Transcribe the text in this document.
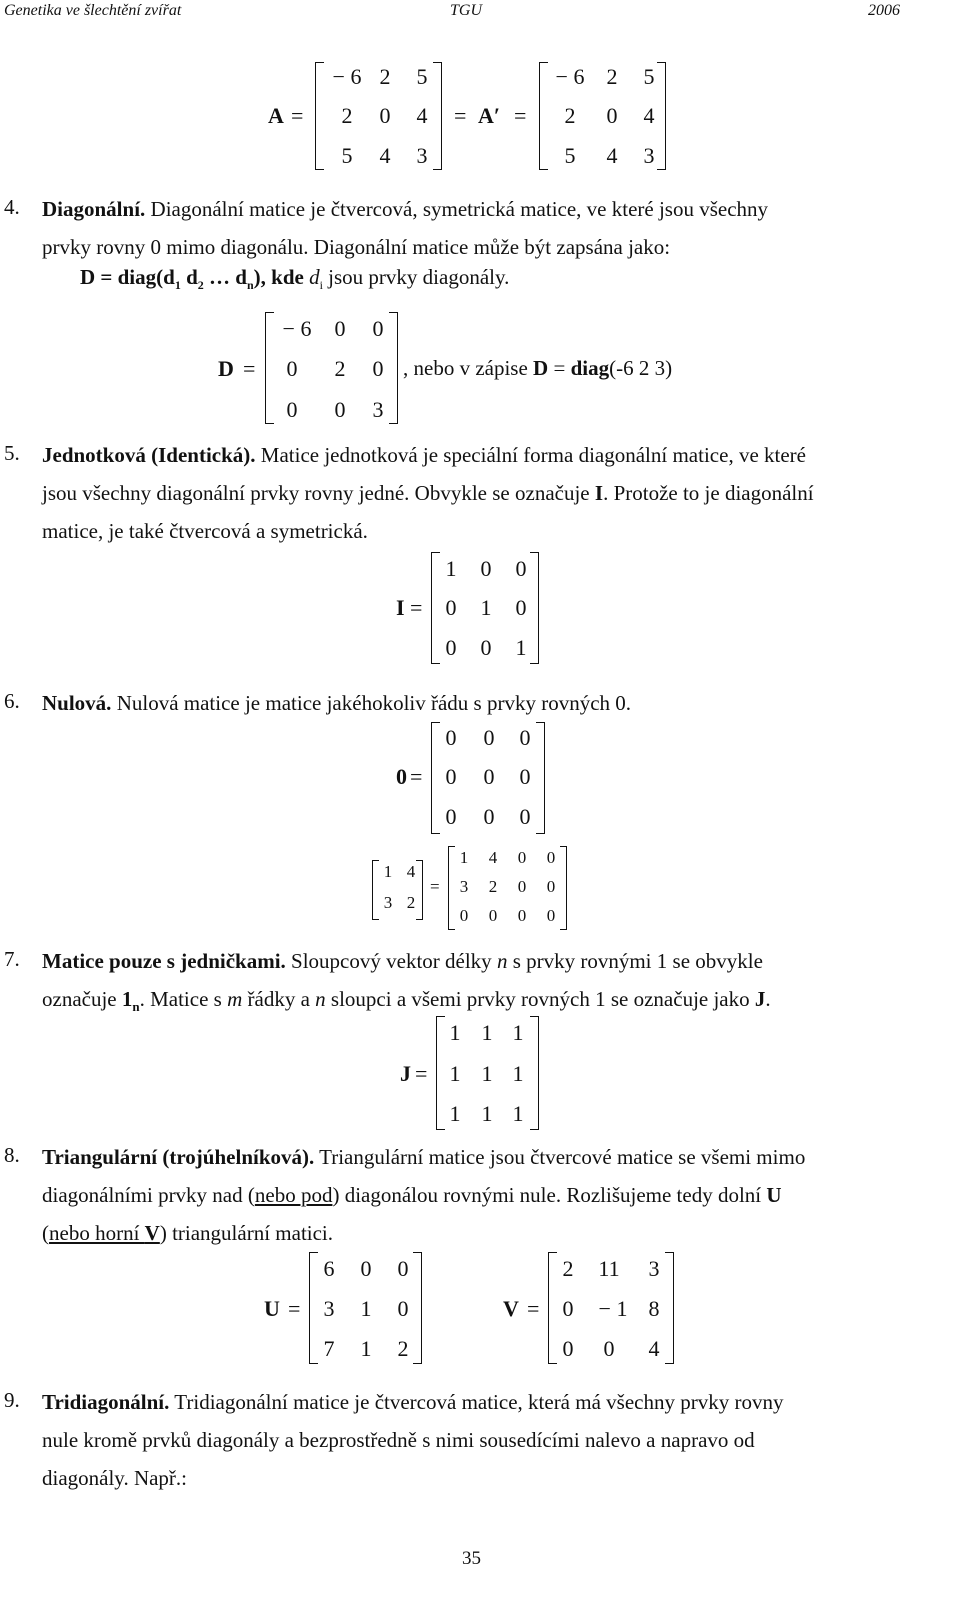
Genetika ve šlechtění zvířat	TGU	2006
A =
− 6 2 5
2 0 4
5 4 3
= A′ =
− 6 2 5
2 0 4
5 4 3
4. Diagonální. Diagonální matice je čtvercová, symetrická matice, ve které jsou všechny
prvky rovny 0 mimo diagonálu. Diagonální matice může být zapsána jako:
$D = diag(d_1$ $d_2$ … $d_n$), kde $d_i$ jsou prvky diagonály.
D =
− 6 0 0
0 2 0
0 0 3
, nebo v zápise D = diag(-6 2 3)
5. Jednotková (Identická). Matice jednotková je speciální forma diagonální matice, ve které
jsou všechny diagonální prvky rovny jedné. Obvykle se označuje I. Protože to je diagonální
matice, je také čtvercová a symetrická.
I =
1 0 0
0 1 0
0 0 1
6. Nulová. Nulová matice je matice jakéhokoliv řádu s prvky rovných 0.
0 =
0 0 0
0 0 0
0 0 0
1 4
3 2
=
1 4 0 0
3 2 0 0
0 0 0 0
7. Matice pouze s jedničkami. Sloupcový vektor délky n s prvky rovnými 1 se obvykle
označuje $1_n$. Matice s m řádky a n sloupci a všemi prvky rovných 1 se označuje jako J.
J =
1 1 1
1 1 1
1 1 1
8. Triangulární (trojúhelníková). Triangulární matice jsou čtvercové matice se všemi mimo
diagonálními prvky nad (nebo pod) diagonálou rovnými nule. Rozlišujeme tedy dolní U
(nebo horní V) triangulární matici.
U =
6 0 0
3 1 0
7 1 2
V =
2 11 3
0 − 1 8
0 0 4
9. Tridiagonální. Tridiagonální matice je čtvercová matice, která má všechny prvky rovny
nule kromě prvků diagonály a bezprostředně s nimi sousedícími nalevo a napravo od
diagonály. Např.:
35
